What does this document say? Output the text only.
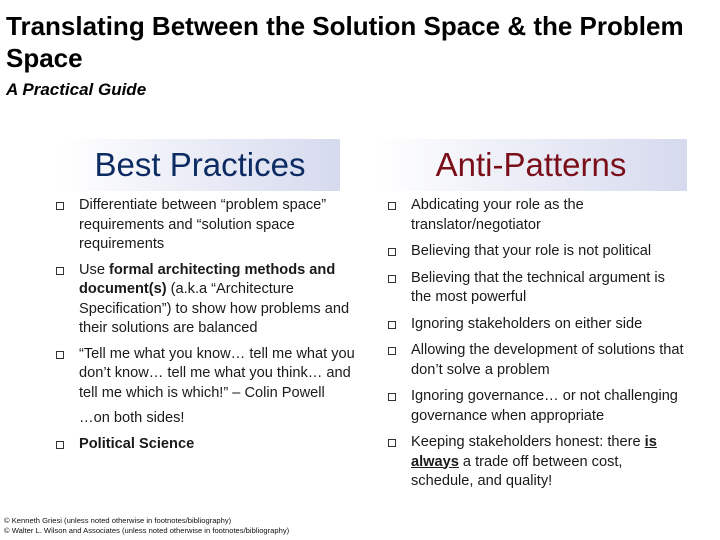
Translating Between the Solution Space & the Problem Space
A Practical Guide
Best Practices	Anti-Patterns
Differentiate between “problem space” requirements and “solution space requirements
Use formal architecting methods and document(s) (a.k.a “Architecture Specification”) to show how problems and their solutions are balanced
“Tell me what you know… tell me what you don’t know… tell me what you think… and tell me which is which!” – Colin Powell
…on both sides!
Political Science
Abdicating your role as the translator/negotiator
Believing that your role is not political
Believing that the technical argument is the most powerful
Ignoring stakeholders on either side
Allowing the development of solutions that don’t solve a problem
Ignoring governance… or not challenging governance when appropriate
Keeping stakeholders honest: there is always a trade off between cost, schedule, and quality!
© Kenneth Griesi (unless noted otherwise in footnotes/bibliography)
© Walter L. Wilson and Associates (unless noted otherwise in footnotes/bibliography)
